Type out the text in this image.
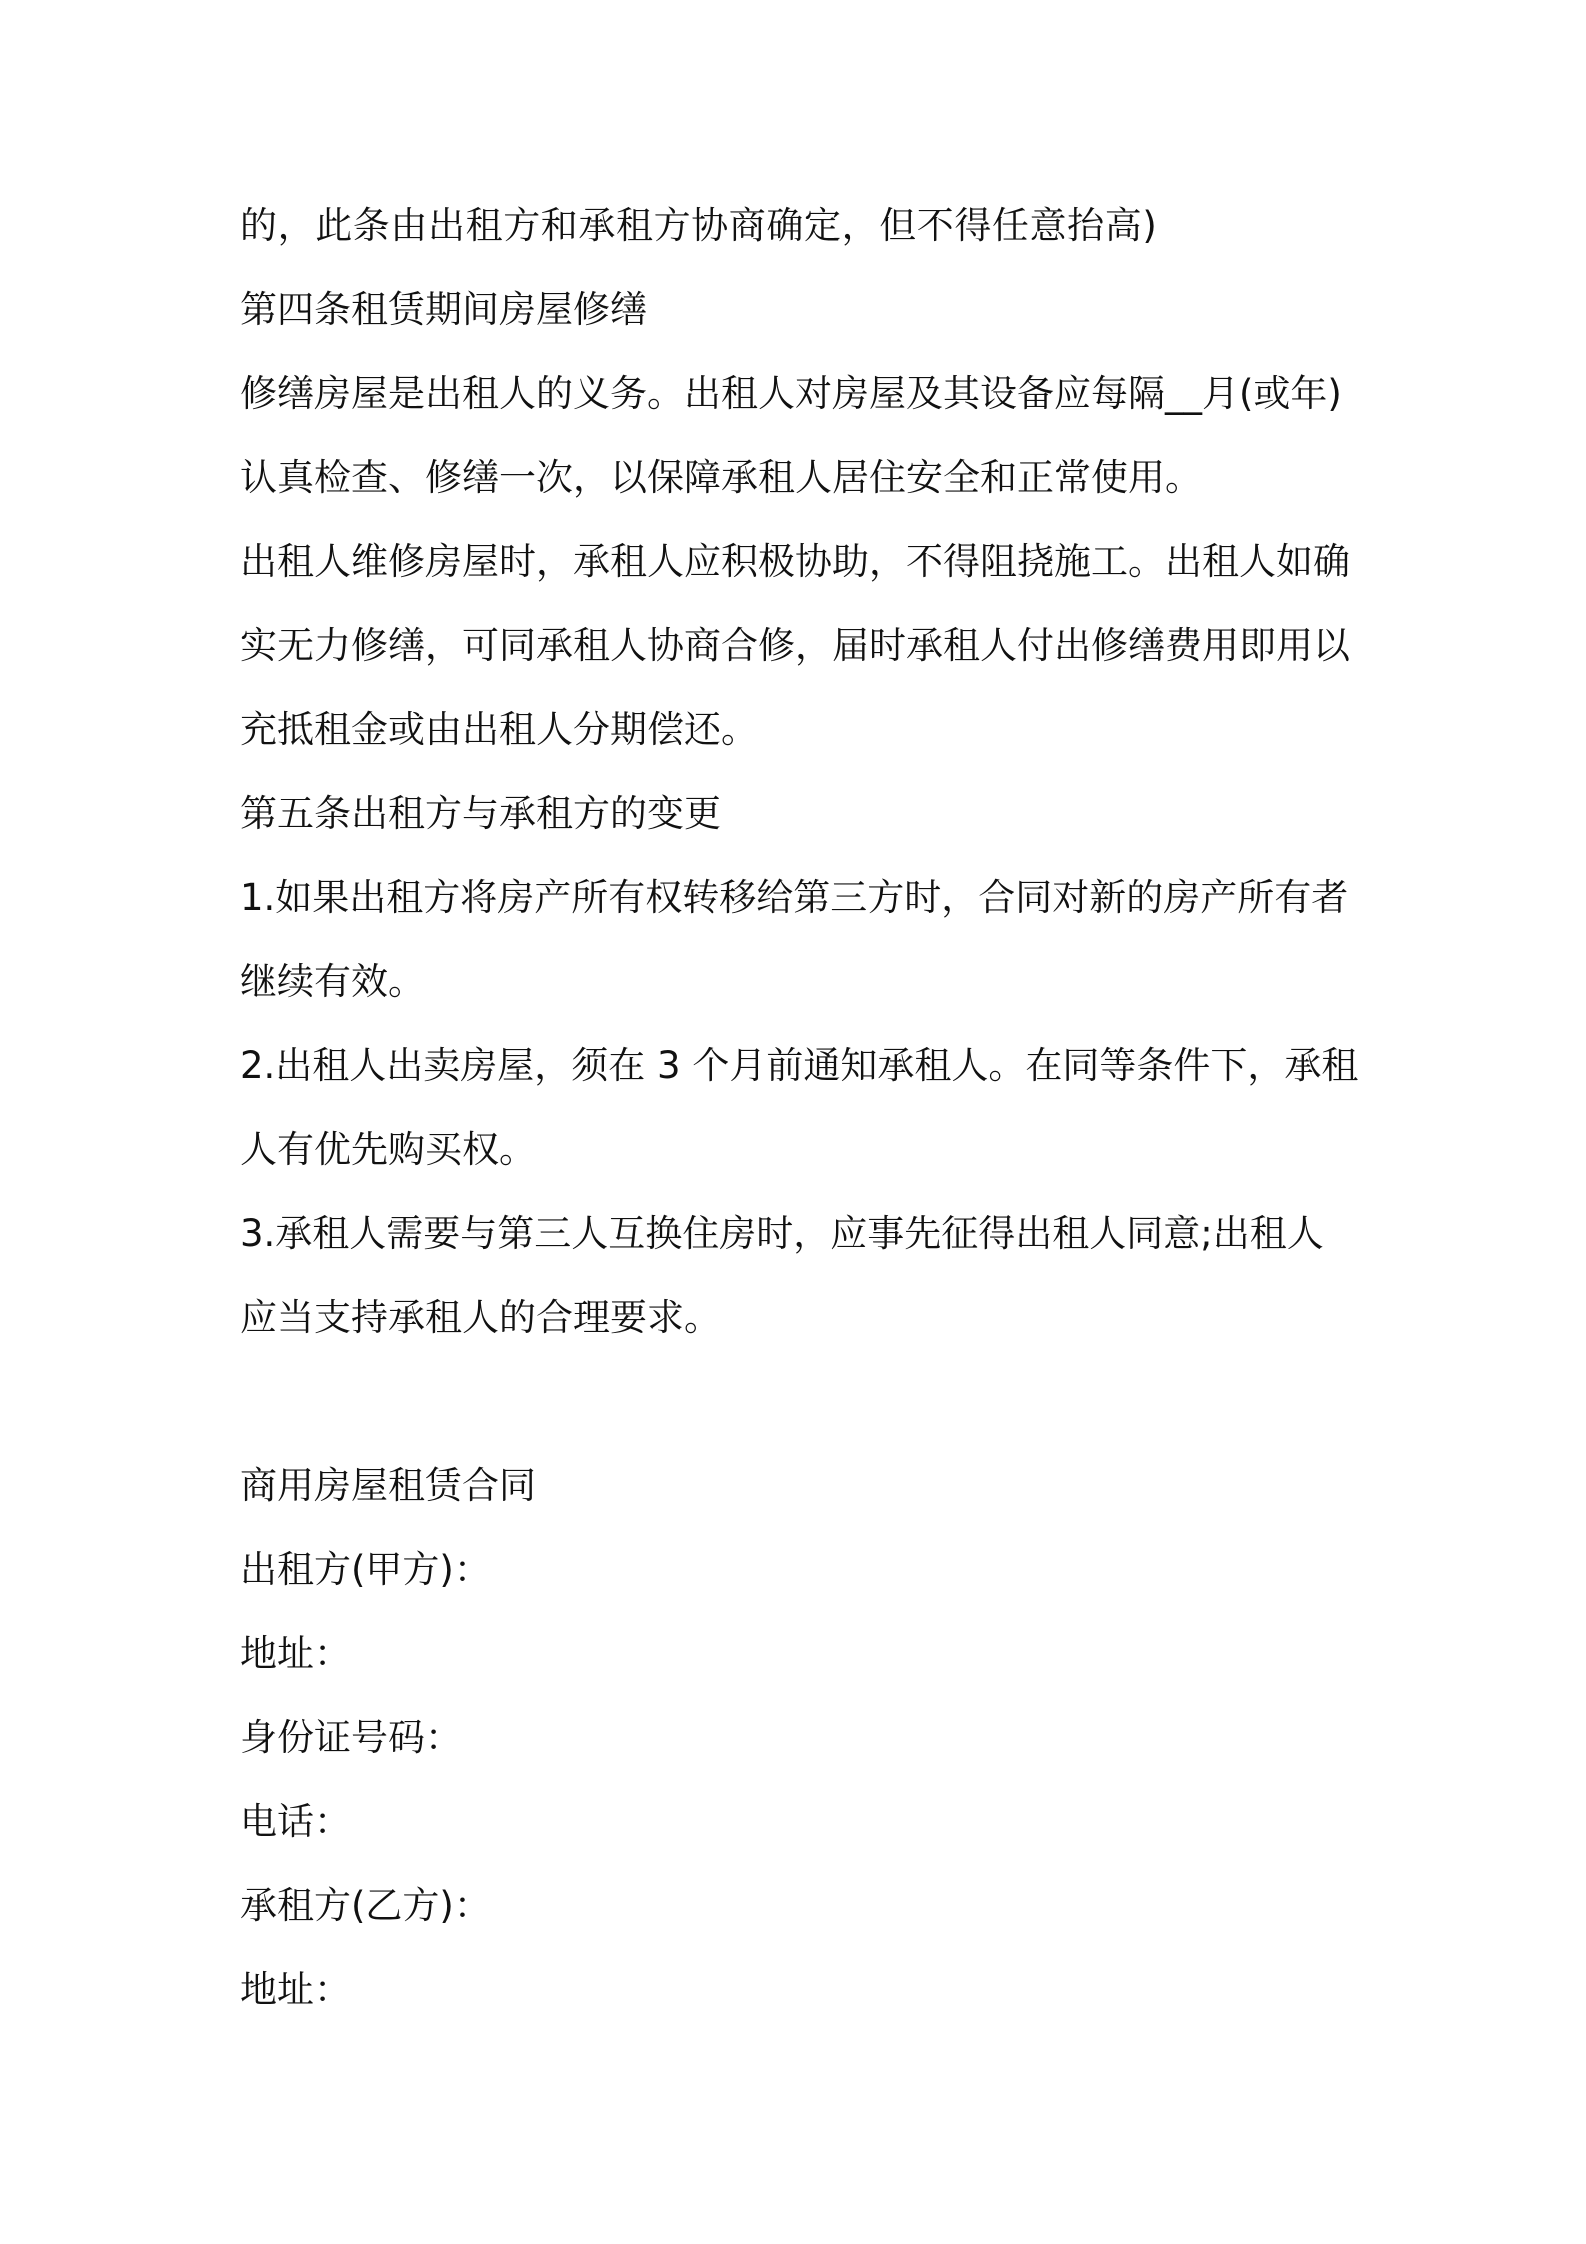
的，此条由出租方和承租方协商确定，但不得任意抬高)

第四条租赁期间房屋修缮

修缮房屋是出租人的义务。出租人对房屋及其设备应每隔__月(或年)

认真检查、修缮一次，以保障承租人居住安全和正常使用。

出租人维修房屋时，承租人应积极协助，不得阻挠施工。出租人如确

实无力修缮，可同承租人协商合修，届时承租人付出修缮费用即用以

充抵租金或由出租人分期偿还。

第五条出租方与承租方的变更

1.如果出租方将房产所有权转移给第三方时，合同对新的房产所有者

继续有效。

2.出租人出卖房屋，须在 3 个月前通知承租人。在同等条件下，承租

人有优先购买权。

3.承租人需要与第三人互换住房时，应事先征得出租人同意;出租人

应当支持承租人的合理要求。

商用房屋租赁合同

出租方(甲方)：

地址：

身份证号码：

电话：

承租方(乙方)：

地址：
